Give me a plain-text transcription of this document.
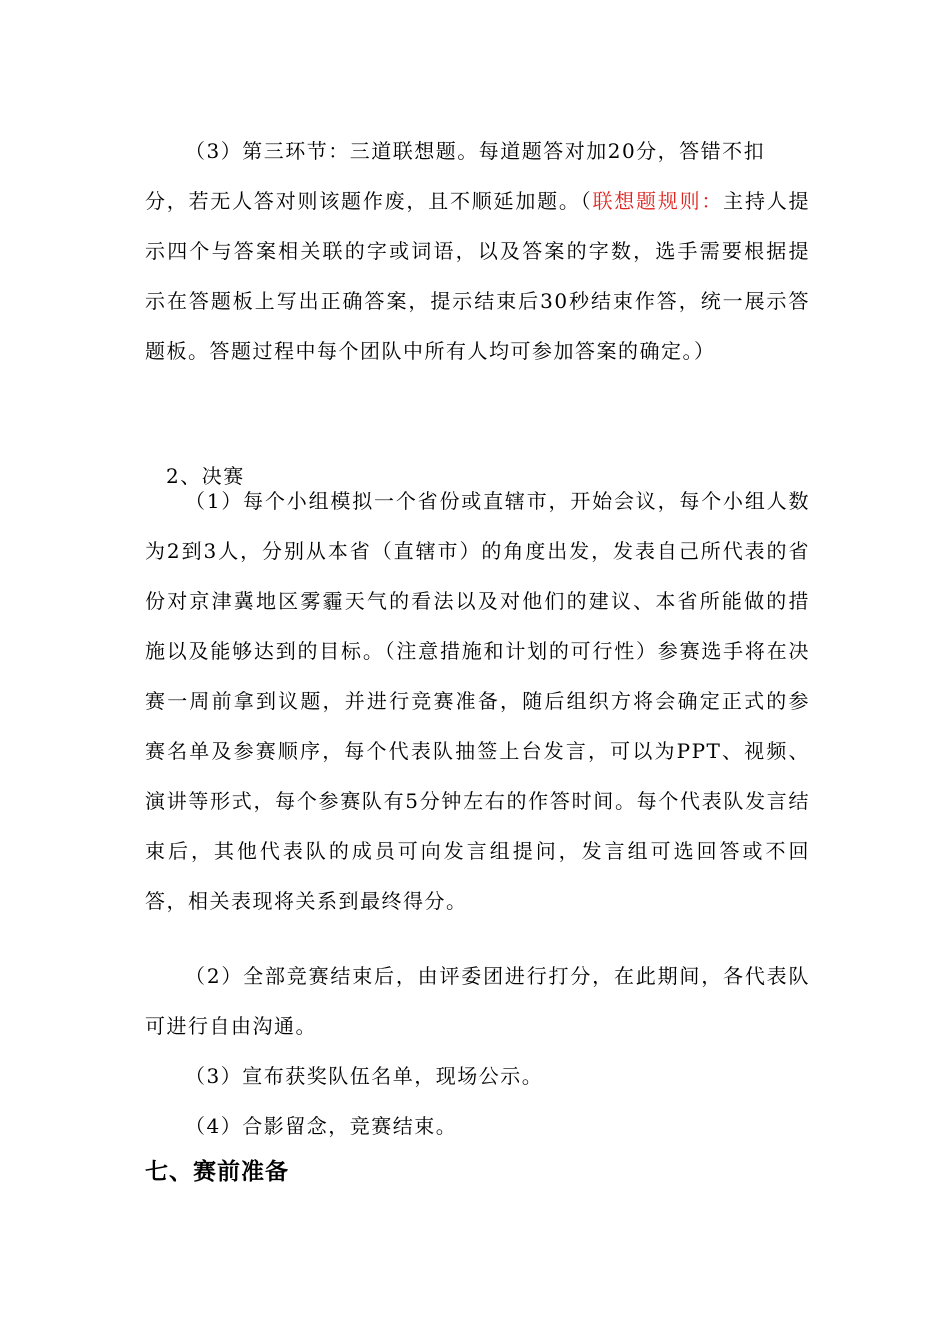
（3）第三环节：三道联想题。每道题答对加20分，答错不扣
分，若无人答对则该题作废，且不顺延加题。（联想题规则：主持人提示四个与答案相关联的字或词语，以及答案的字数，选手需要根据提示在答题板上写出正确答案，提示结束后30秒结束作答，统一展示答题板。答题过程中每个团队中所有人均可参加答案的确定。）

2、决赛

（1）每个小组模拟一个省份或直辖市，开始会议，每个小组人数为2到3人，分别从本省（直辖市）的角度出发，发表自己所代表的省份对京津冀地区雾霾天气的看法以及对他们的建议、本省所能做的措施以及能够达到的目标。（注意措施和计划的可行性）参赛选手将在决赛一周前拿到议题，并进行竞赛准备，随后组织方将会确定正式的参赛名单及参赛顺序，每个代表队抽签上台发言，可以为PPT、视频、演讲等形式，每个参赛队有5分钟左右的作答时间。每个代表队发言结束后，其他代表队的成员可向发言组提问，发言组可选回答或不回答，相关表现将关系到最终得分。

（2）全部竞赛结束后，由评委团进行打分，在此期间，各代表队可进行自由沟通。

（3）宣布获奖队伍名单，现场公示。

（4）合影留念，竞赛结束。

七、赛前准备
